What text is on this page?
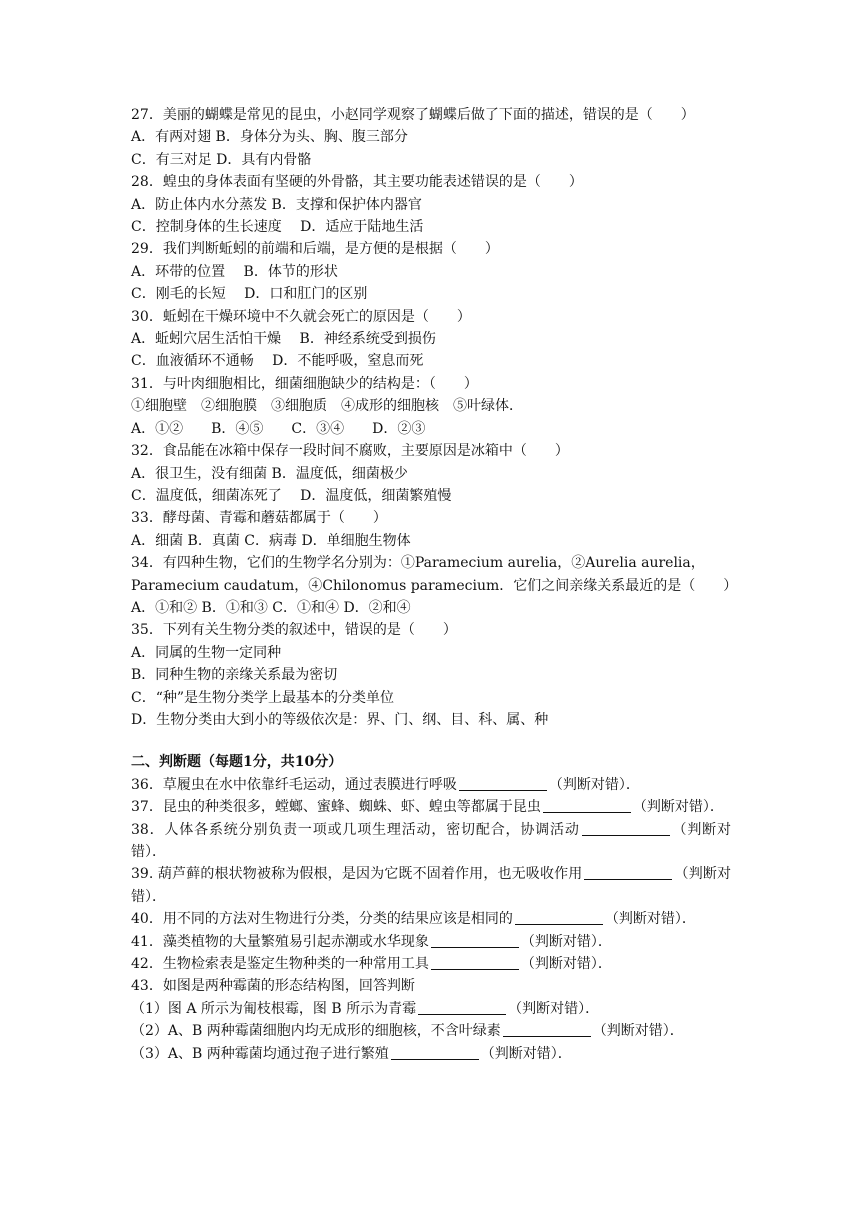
27．美丽的蝴蝶是常见的昆虫，小赵同学观察了蝴蝶后做了下面的描述，错误的是（　　）
A．有两对翅 B．身体分为头、胸、腹三部分
C．有三对足 D．具有内骨骼
28．蝗虫的身体表面有坚硬的外骨骼，其主要功能表述错误的是（　　）
A．防止体内水分蒸发 B．支撑和保护体内器官
C．控制身体的生长速度　 D．适应于陆地生活
29．我们判断蚯蚓的前端和后端，是方便的是根据（　　）
A．环带的位置　 B．体节的形状
C．刚毛的长短　 D．口和肛门的区别
30．蚯蚓在干燥环境中不久就会死亡的原因是（　　）
A．蚯蚓穴居生活怕干燥　 B．神经系统受到损伤
C．血液循环不通畅　 D．不能呼吸，窒息而死
31．与叶肉细胞相比，细菌细胞缺少的结构是：（　　）
①细胞壁　②细胞膜　③细胞质　④成形的细胞核　⑤叶绿体．
A．①②　　B．④⑤　　C．③④　　D．②③
32．食品能在冰箱中保存一段时间不腐败，主要原因是冰箱中（　　）
A．很卫生，没有细菌 B．温度低，细菌极少
C．温度低，细菌冻死了　 D．温度低，细菌繁殖慢
33．酵母菌、青霉和蘑菇都属于（　　）
A．细菌 B．真菌 C．病毒 D．单细胞生物体
34．有四种生物，它们的生物学名分别为：①Paramecium aurelia，②Aurelia aurelia，
Paramecium caudatum，④Chilonomus paramecium．它们之间亲缘关系最近的是（　　）
A．①和② B．①和③ C．①和④ D．②和④
35．下列有关生物分类的叙述中，错误的是（　　）
A．同属的生物一定同种
B．同种生物的亲缘关系最为密切
C．“种”是生物分类学上最基本的分类单位
D．生物分类由大到小的等级依次是：界、门、纲、目、科、属、种
二、判断题（每题1分，共10分）
36．草履虫在水中依靠纤毛运动，通过表膜进行呼吸	（判断对错）．
37．昆虫的种类很多，螳螂、蜜蜂、蜘蛛、虾、蝗虫等都属于昆虫	（判断对错）．
38．人体各系统分别负责一项或几项生理活动，密切配合，协调活动	（判断对错）．
39. 葫芦藓的根状物被称为假根，是因为它既不固着作用，也无吸收作用	（判断对错）．
40．用不同的方法对生物进行分类，分类的结果应该是相同的	（判断对错）．
41．藻类植物的大量繁殖易引起赤潮或水华现象	（判断对错）．
42．生物检索表是鉴定生物种类的一种常用工具	（判断对错）．
43．如图是两种霉菌的形态结构图，回答判断
（1）图 A 所示为匍枝根霉，图 B 所示为青霉	（判断对错）．
（2）A、B 两种霉菌细胞内均无成形的细胞核，不含叶绿素	（判断对错）．
（3）A、B 两种霉菌均通过孢子进行繁殖	（判断对错）．
